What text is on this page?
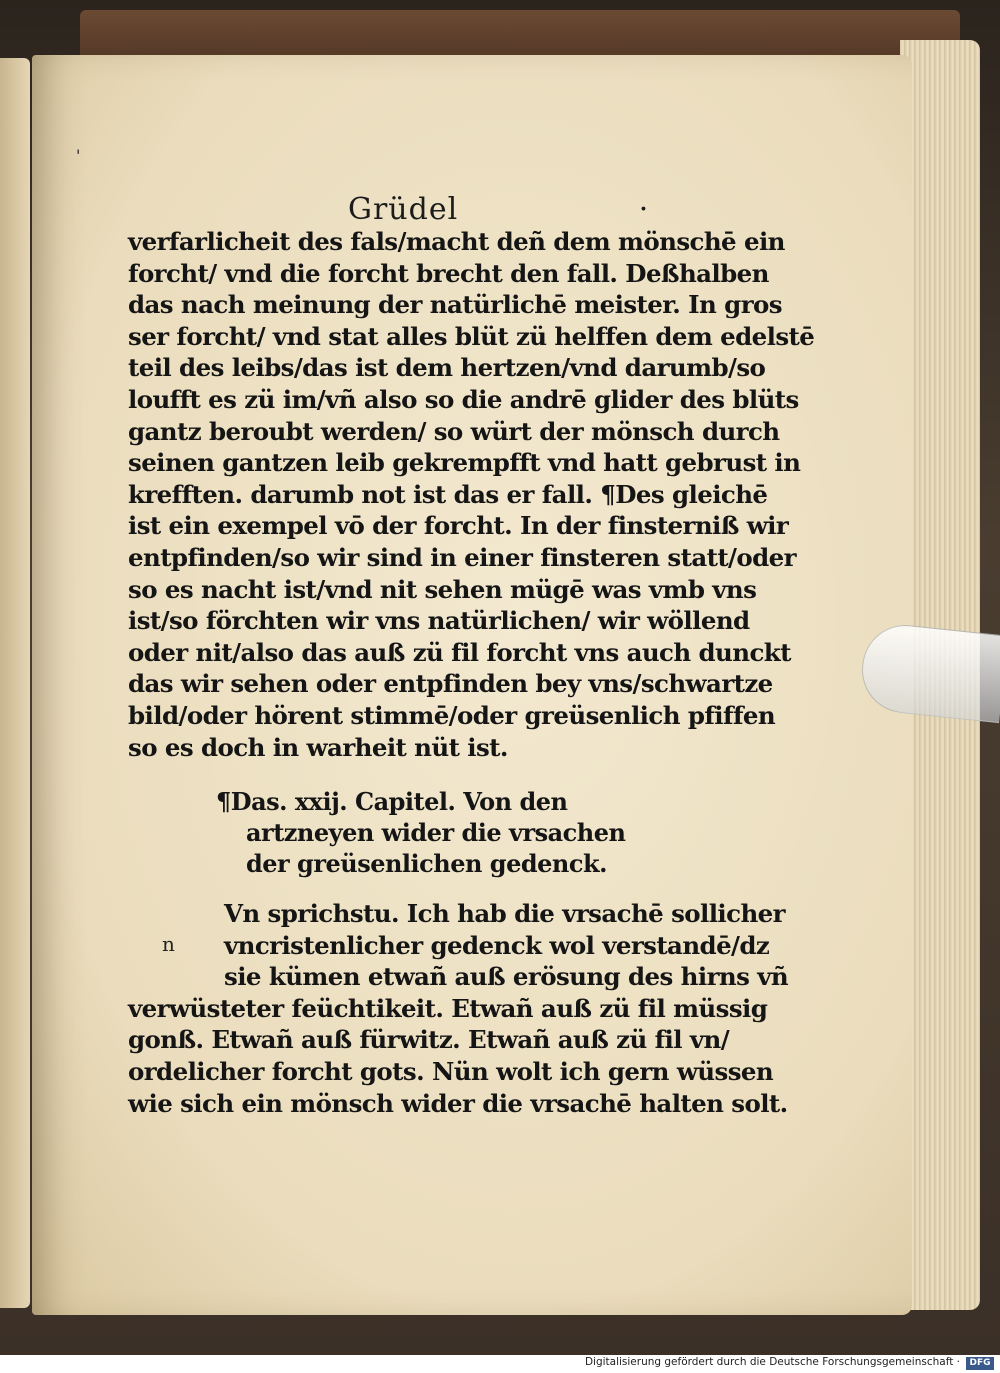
'
Grüdel	·
verfarlicheit des fals/macht deñ dem mönschē ein
forcht/ vnd die forcht brecht den fall. Deßhalben
das nach meinung der natürlichē meister. In gros
ser forcht/ vnd stat alles blüt zü helffen dem edelstē
teil des leibs/das ist dem hertzen/vnd darumb/so
loufft es zü im/vñ also so die andrē glider des blüts
gantz beroubt werden/ so würt der mönsch durch
seinen gantzen leib gekrempfft vnd hatt gebrust in
krefften. darumb not ist das er fall. ¶Des gleichē
ist ein exempel vō der forcht. In der finsterniß wir
entpfinden/so wir sind in einer finsteren statt/oder
so es nacht ist/vnd nit sehen mügē was vmb vns
ist/so förchten wir vns natürlichen/ wir wöllend
oder nit/also das auß zü fil forcht vns auch dunckt
das wir sehen oder entpfinden bey vns/schwartze
bild/oder hörent stimmē/oder greüsenlich pfiffen
so es doch in warheit nüt ist.
¶Das. xxij. Capitel. Von den
artzneyen wider die vrsachen
der greüsenlichen gedenck.
n
Vn sprichstu. Ich hab die vrsachē sollicher
vncristenlicher gedenck wol verstandē/dz
sie kümen etwañ auß erösung des hirns vñ
verwüsteter feüchtikeit. Etwañ auß zü fil müssig
gonß. Etwañ auß fürwitz. Etwañ auß zü fil vn/
ordelicher forcht gots. Nün wolt ich gern wüssen
wie sich ein mönsch wider die vrsachē halten solt.
Digitalisierung gefördert durch die Deutsche Forschungsgemeinschaft ·	DFG
